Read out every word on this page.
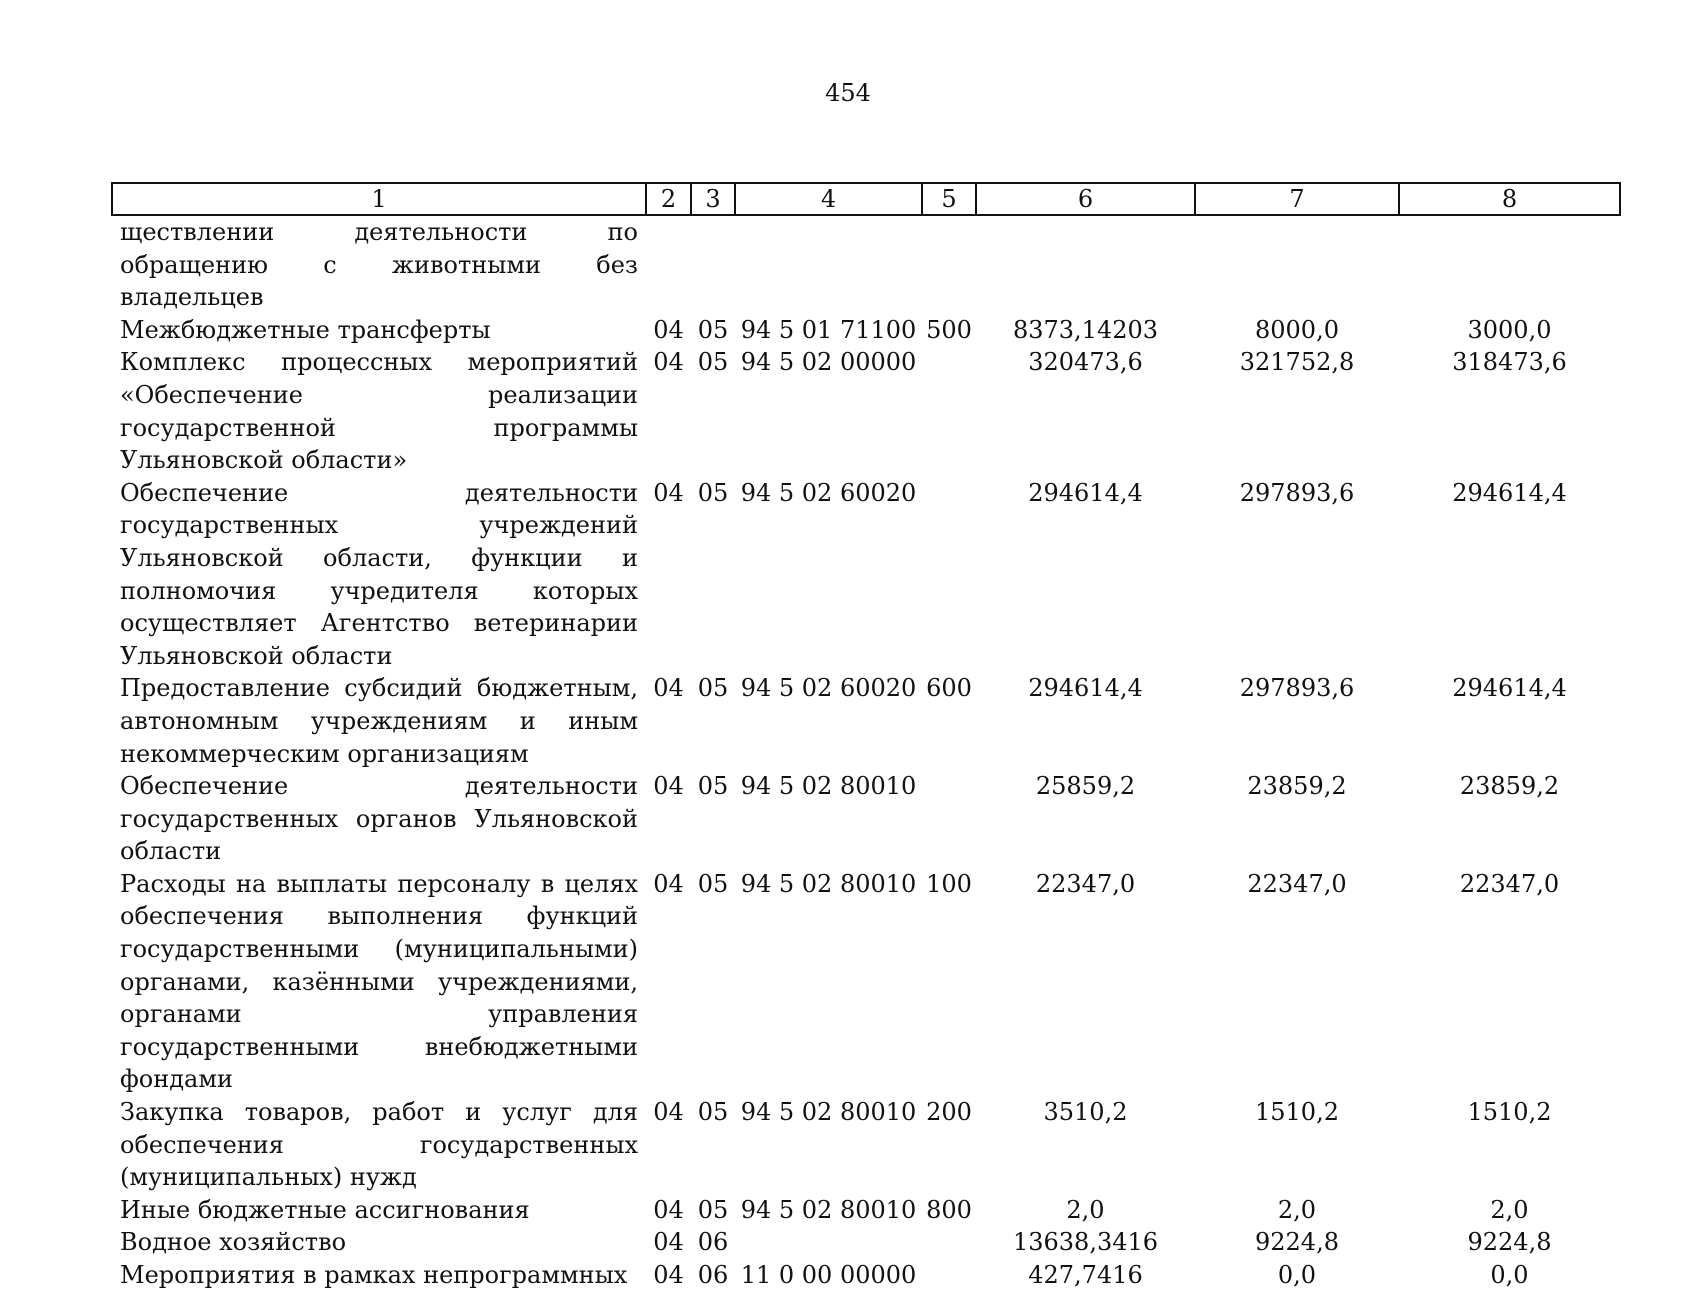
454
1	2	3	4	5	6	7	8
ществлении деятельности по обращению с животными без владельцев							
Межбюджетные трансферты	04	05	94 5 01 71100	500	8373,14203	8000,0	3000,0
Комплекс процессных мероприятий «Обеспечение реализации государственной программы Ульяновской области»	04	05	94 5 02 00000		320473,6	321752,8	318473,6
Обеспечение деятельности государственных учреждений Ульяновской области, функции и полномочия учредителя которых осуществляет Агентство ветеринарии Ульяновской области	04	05	94 5 02 60020		294614,4	297893,6	294614,4
Предоставление субсидий бюджетным, автономным учреждениям и иным некоммерческим организациям	04	05	94 5 02 60020	600	294614,4	297893,6	294614,4
Обеспечение деятельности государственных органов Ульяновской области	04	05	94 5 02 80010		25859,2	23859,2	23859,2
Расходы на выплаты персоналу в целях обеспечения выполнения функций государственными (муниципальными) органами, казёнными учреждениями, органами управления государственными внебюджетными фондами	04	05	94 5 02 80010	100	22347,0	22347,0	22347,0
Закупка товаров, работ и услуг для обеспечения государственных (муниципальных) нужд	04	05	94 5 02 80010	200	3510,2	1510,2	1510,2
Иные бюджетные ассигнования	04	05	94 5 02 80010	800	2,0	2,0	2,0
Водное хозяйство	04	06			13638,3416	9224,8	9224,8
Мероприятия в рамках непрограммных	04	06	11 0 00 00000		427,7416	0,0	0,0
